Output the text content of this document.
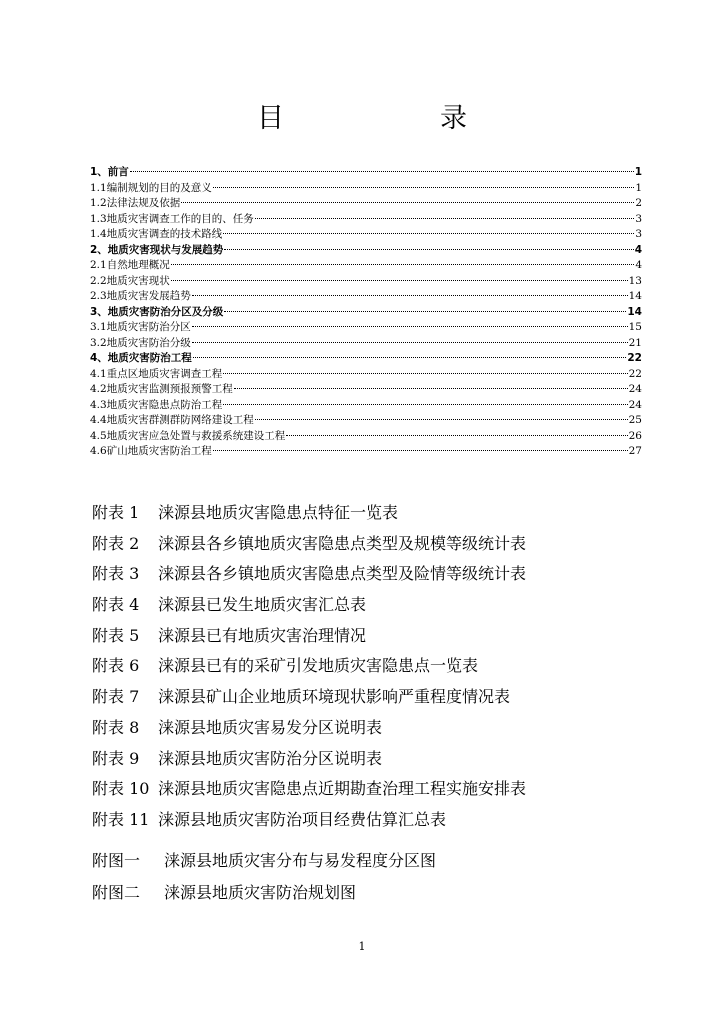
目　　录
1、前言	1
1.1编制规划的目的及意义	1
1.2法律法规及依据	2
1.3地质灾害调查工作的目的、任务	3
1.4地质灾害调查的技术路线	3
2、地质灾害现状与发展趋势	4
2.1自然地理概况	4
2.2地质灾害现状	13
2.3地质灾害发展趋势	14
3、地质灾害防治分区及分级	14
3.1地质灾害防治分区	15
3.2地质灾害防治分级	21
4、地质灾害防治工程	22
4.1重点区地质灾害调查工程	22
4.2地质灾害监测预报预警工程	24
4.3地质灾害隐患点防治工程	24
4.4地质灾害群测群防网络建设工程	25
4.5地质灾害应急处置与救援系统建设工程	26
4.6矿山地质灾害防治工程	27
附表 1 涞源县地质灾害隐患点特征一览表
附表 2 涞源县各乡镇地质灾害隐患点类型及规模等级统计表
附表 3 涞源县各乡镇地质灾害隐患点类型及险情等级统计表
附表 4 涞源县已发生地质灾害汇总表
附表 5 涞源县已有地质灾害治理情况
附表 6 涞源县已有的采矿引发地质灾害隐患点一览表
附表 7 涞源县矿山企业地质环境现状影响严重程度情况表
附表 8 涞源县地质灾害易发分区说明表
附表 9 涞源县地质灾害防治分区说明表
附表 10 涞源县地质灾害隐患点近期勘查治理工程实施安排表
附表 11 涞源县地质灾害防治项目经费估算汇总表
附图一 涞源县地质灾害分布与易发程度分区图
附图二 涞源县地质灾害防治规划图
1
